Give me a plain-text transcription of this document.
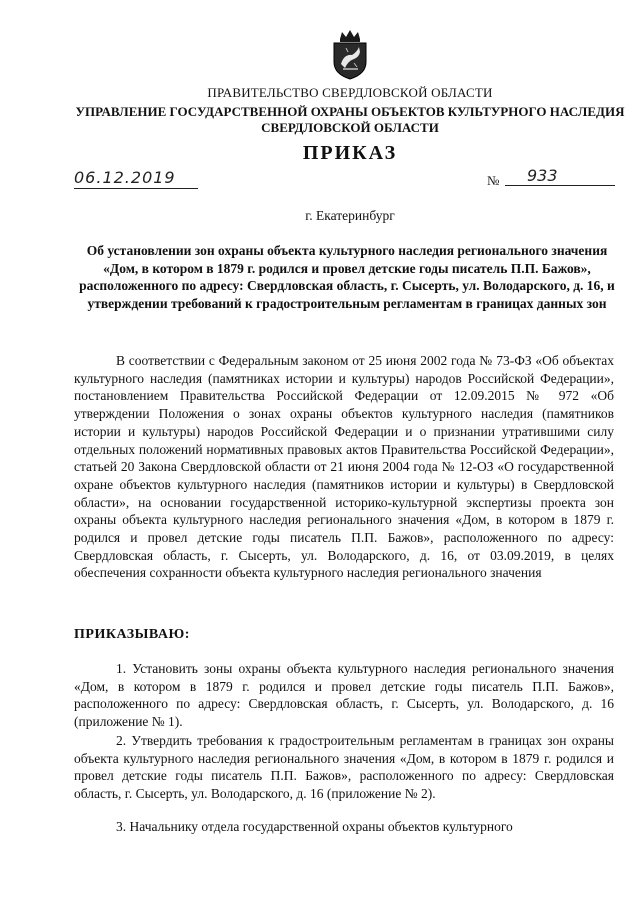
ПРАВИТЕЛЬСТВО СВЕРДЛОВСКОЙ ОБЛАСТИ
УПРАВЛЕНИЕ ГОСУДАРСТВЕННОЙ ОХРАНЫ ОБЪЕКТОВ КУЛЬТУРНОГО НАСЛЕДИЯ СВЕРДЛОВСКОЙ ОБЛАСТИ
ПРИКАЗ
06.12.2019	№	933
г. Екатеринбург
Об установлении зон охраны объекта культурного наследия регионального значения «Дом, в котором в 1879 г. родился и провел детские годы писатель П.П. Бажов», расположенного по адресу: Свердловская область, г. Сысерть, ул. Володарского, д. 16, и утверждении требований к градостроительным регламентам в границах данных зон

В соответствии с Федеральным законом от 25 июня 2002 года № 73-ФЗ «Об объектах культурного наследия (памятниках истории и культуры) народов Российской Федерации», постановлением Правительства Российской Федерации от 12.09.2015 № 972 «Об утверждении Положения о зонах охраны объектов культурного наследия (памятников истории и культуры) народов Российской Федерации и о признании утратившими силу отдельных положений нормативных правовых актов Правительства Российской Федерации», статьей 20 Закона Свердловской области от 21 июня 2004 года № 12-ОЗ «О государственной охране объектов культурного наследия (памятников истории и культуры) в Свердловской области», на основании государственной историко-культурной экспертизы проекта зон охраны объекта культурного наследия регионального значения «Дом, в котором в 1879 г. родился и провел детские годы писатель П.П. Бажов», расположенного по адресу: Свердловская область, г. Сысерть, ул. Володарского, д. 16, от 03.09.2019, в целях обеспечения сохранности объекта культурного наследия регионального значения

ПРИКАЗЫВАЮ:

1. Установить зоны охраны объекта культурного наследия регионального значения «Дом, в котором в 1879 г. родился и провел детские годы писатель П.П. Бажов», расположенного по адресу: Свердловская область, г. Сысерть, ул. Володарского, д. 16 (приложение № 1).

2. Утвердить требования к градостроительным регламентам в границах зон охраны объекта культурного наследия регионального значения «Дом, в котором в 1879 г. родился и провел детские годы писатель П.П. Бажов», расположенного по адресу: Свердловская область, г. Сысерть, ул. Володарского, д. 16 (приложение № 2).

3. Начальнику отдела государственной охраны объектов культурного
